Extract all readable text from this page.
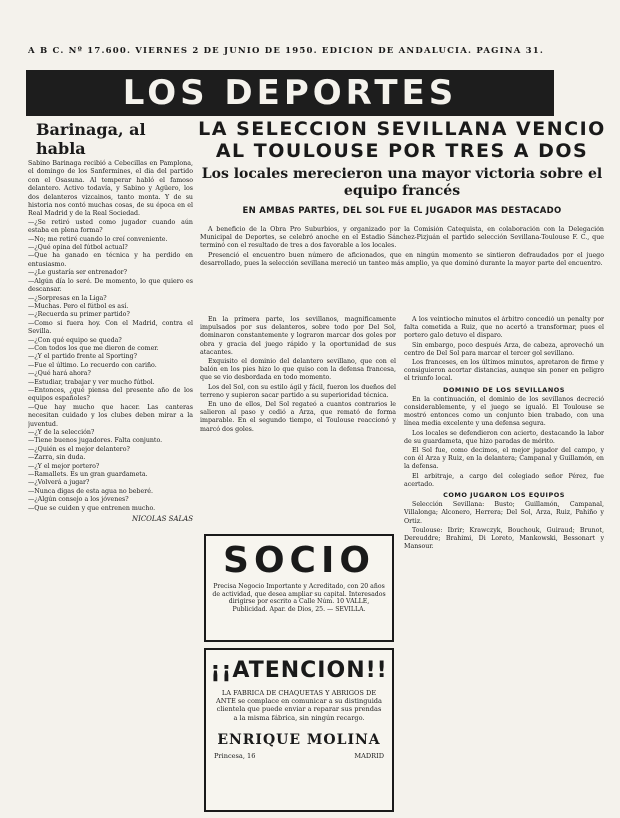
A B C. Nº 17.600. VIERNES 2 DE JUNIO DE 1950. EDICION DE ANDALUCIA. PAGINA 31.
LOS DEPORTES
Barinaga, al habla

Sabino Barinaga recibió a Cebecillas en Pamplona, el domingo de los Sanfermines, el dia del partido con el Osasuna. Al temperar habló el famoso delantero. Activo todavía, y Sabino y Agüero, los dos delanteros vizcainos, tanto monta. Y de su historia nos contó muchas cosas, de su época en el Real Madrid y de la Real Sociedad.

—¿Se retiró usted como jugador cuando aún estaba en plena forma?

—No; me retiré cuando lo creí conveniente.

—¿Qué opina del fútbol actual?

—Que ha ganado en técnica y ha perdido en entusiasmo.

—¿Le gustaría ser entrenador?

—Algún día lo seré. De momento, lo que quiero es descansar.

—¿Sorpresas en la Liga?

—Muchas. Pero el fútbol es así.

—¿Recuerda su primer partido?

—Como si fuera hoy. Con el Madrid, contra el Sevilla.

—¿Con qué equipo se queda?

—Con todos los que me dieron de comer.

—¿Y el partido frente al Sporting?

—Fue el último. Lo recuerdo con cariño.

—¿Qué hará ahora?

—Estudiar, trabajar y ver mucho fútbol.

—Entonces, ¿qué piensa del presente año de los equipos españoles?

—Que hay mucho que hacer. Las canteras necesitan cuidado y los clubes deben mirar a la juventud.

—¿Y de la selección?

—Tiene buenos jugadores. Falta conjunto.

—¿Quién es el mejor delantero?

—Zarra, sin duda.

—¿Y el mejor portero?

—Ramallets. Es un gran guardameta.

—¿Volverá a jugar?

—Nunca digas de esta agua no beberé.

—¿Algún consejo a los jóvenes?

—Que se cuiden y que entrenen mucho.

NICOLAS SALAS
LA SELECCION SEVILLANA VENCIO AL TOULOUSE POR TRES A DOS
Los locales merecieron una mayor victoria sobre el equipo francés
EN AMBAS PARTES, DEL SOL FUE EL JUGADOR MAS DESTACADO

A beneficio de la Obra Pro Suburbios, y organizado por la Comisión Catequista, en colaboración con la Delegación Municipal de Deportes, se celebró anoche en el Estadio Sánchez-Pizjuán el partido selección Sevillana-Toulouse F. C., que terminó con el resultado de tres a dos favorable a los locales.

Presenció el encuentro buen número de aficionados, que en ningún momento se sintieron defraudados por el juego desarrollado, pues la selección sevillana mereció un tanteo más amplio, ya que dominó durante la mayor parte del encuentro.

En la primera parte, los sevillanos, magníficamente impulsados por sus delanteros, sobre todo por Del Sol, dominaron constantemente y lograron marcar dos goles por obra y gracia del juego rápido y la oportunidad de sus atacantes.

Exquisito el dominio del delantero sevillano, que con el balón en los pies hizo lo que quiso con la defensa francesa, que se vio desbordada en todo momento.

Los del Sol, con su estilo ágil y fácil, fueron los dueños del terreno y supieron sacar partido a su superioridad técnica.

En uno de ellos, Del Sol regateó a cuantos contrarios le salieron al paso y cedió a Arza, que remató de forma imparable. En el segundo tiempo, el Toulouse reaccionó y marcó dos goles.

A los veintiocho minutos el árbitro concedió un penalty por falta cometida a Ruiz, que no acertó a transformar, pues el portero galo detuvo el disparo.

Sin embargo, poco después Arza, de cabeza, aprovechó un centro de Del Sol para marcar el tercer gol sevillano.

Los franceses, en los últimos minutos, apretaron de firme y consiguieron acortar distancias, aunque sin poner en peligro el triunfo local.

DOMINIO DE LOS SEVILLANOS

En la continuación, el dominio de los sevillanos decreció considerablemente, y el juego se igualó. El Toulouse se mostró entonces como un conjunto bien trabado, con una línea media excelente y una defensa segura.

Los locales se defendieron con acierto, destacando la labor de su guardameta, que hizo paradas de mérito.

El Sol fue, como decimos, el mejor jugador del campo, y con él Arza y Ruiz, en la delantera; Campanal y Guillamón, en la defensa.

El arbitraje, a cargo del colegiado señor Pérez, fue acertado.

COMO JUGARON LOS EQUIPOS

Selección Sevillana: Busto; Guillamón, Campanal, Villalonga; Alconero, Herrera; Del Sol, Arza, Ruiz, Pahiño y Ortiz.

Toulouse: Ibrir; Krawczyk, Bouchouk, Guiraud; Brunot, Dereuddre; Brahimi, Di Loreto, Mankowski, Bessonart y Mansour.

SOCIO
Precisa Negocio Importante y Acreditado, con 20 años de actividad, que desea ampliar su capital. Interesados dirigirse por escrito a Calle Núm. 10 VALLE, Publicidad. Apar. de Dios, 25. — SEVILLA.
¡¡ATENCION!!
LA FABRICA DE CHAQUETAS Y ABRIGOS DE ANTE se complace en comunicar a su distinguida clientela que puede enviar a reparar sus prendas a la misma fábrica, sin ningún recargo.
ENRIQUE MOLINA
Princesa, 16	MADRID
